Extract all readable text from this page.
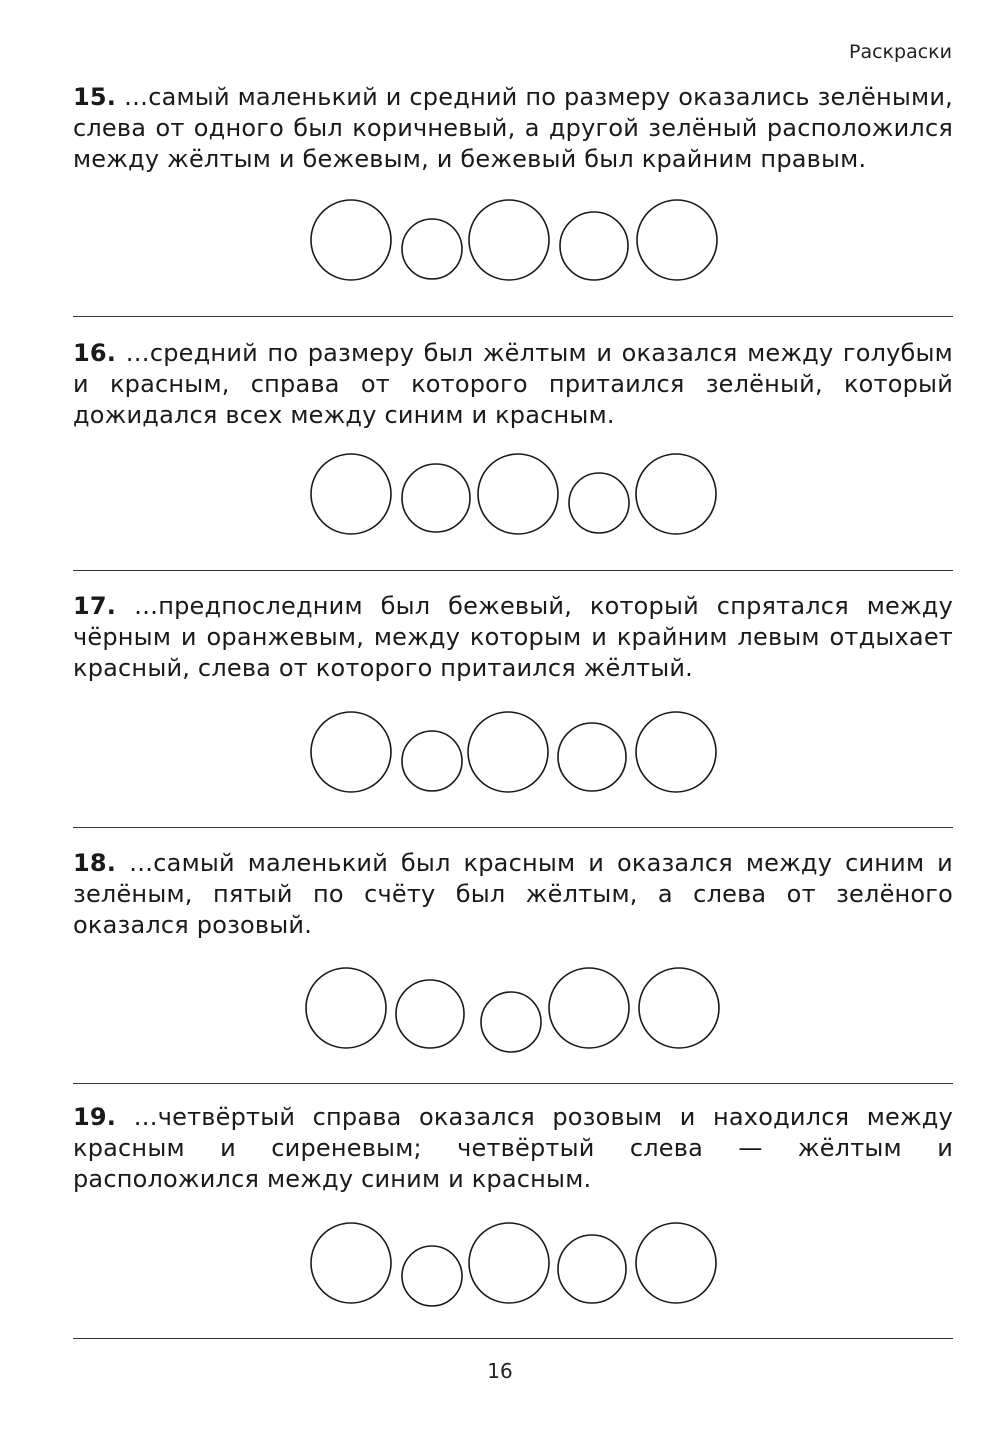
Раскраски

15. …самый маленький и средний по размеру оказались зелёными, слева от одного был коричневый, а другой зелёный расположился между жёлтым и бежевым, и бежевый был крайним правым.

16. …средний по размеру был жёлтым и оказался между голубым и красным, справа от которого притаился зелёный, который дожидался всех между синим и красным.

17. …предпоследним был бежевый, который спрятался между чёрным и оранжевым, между которым и крайним левым отдыхает красный, слева от которого притаился жёлтый.

18. …самый маленький был красным и оказался между синим и зелёным, пятый по счёту был жёлтым, а слева от зелёного оказался розовый.

19. …четвёртый справа оказался розовым и находился между красным и сиреневым; четвёртый слева — жёлтым и расположился между синим и красным.

16
